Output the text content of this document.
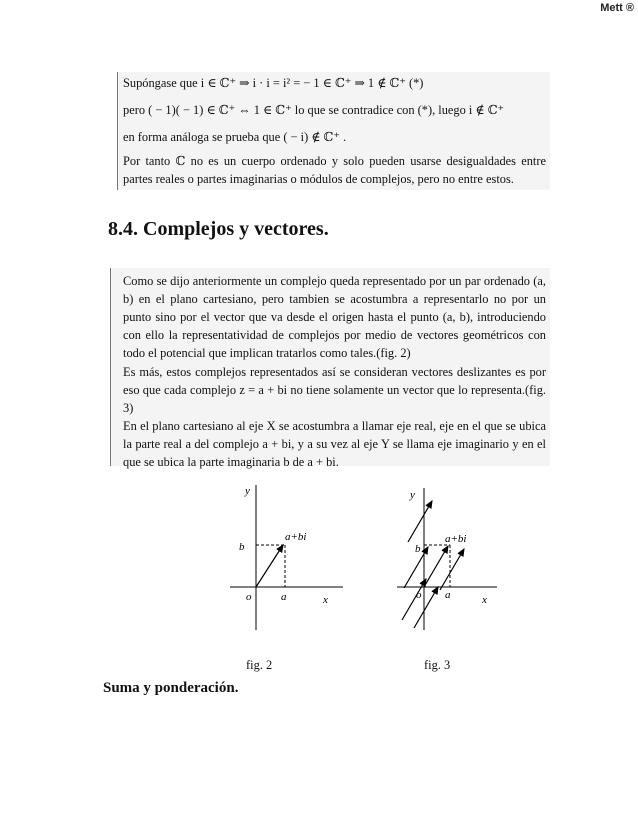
Mett ®
Supóngase que i ∈ ℂ⁺ ⇒ i · i = i² = − 1 ∈ ℂ⁺ ⇒ 1 ∉ ℂ⁺ (*)
pero ( − 1)( − 1) ∈ ℂ⁺ ⇔ 1 ∈ ℂ⁺ lo que se contradice con (*), luego i ∉ ℂ⁺
en forma análoga se prueba que ( − i) ∉ ℂ⁺ .
Por tanto ℂ no es un cuerpo ordenado y solo pueden usarse desigualdades entre partes reales o partes imaginarias o módulos de complejos, pero no entre estos.
8.4. Complejos y vectores.
Como se dijo anteriormente un complejo queda representado por un par ordenado (a, b) en el plano cartesiano, pero tambien se acostumbra a representarlo no por un punto sino por el vector que va desde el origen hasta el punto (a, b), introduciendo con ello la representatividad de complejos por medio de vectores geométricos con todo el potencial que implican tratarlos como tales.(fig. 2)
Es más, estos complejos representados así se consideran vectores deslizantes es por eso que cada complejo z = a + bi no tiene solamente un vector que lo representa.(fig. 3)
En el plano cartesiano al eje X se acostumbra a llamar eje real, eje en el que se ubica la parte real a del complejo a + bi, y a su vez al eje Y se llama eje imaginario y en el que se ubica la parte imaginaria b de a + bi.
y
b
a+bi
o	a	x
fig. 2
y
b
a+bi
o a	x
fig. 3
Suma y ponderación.
